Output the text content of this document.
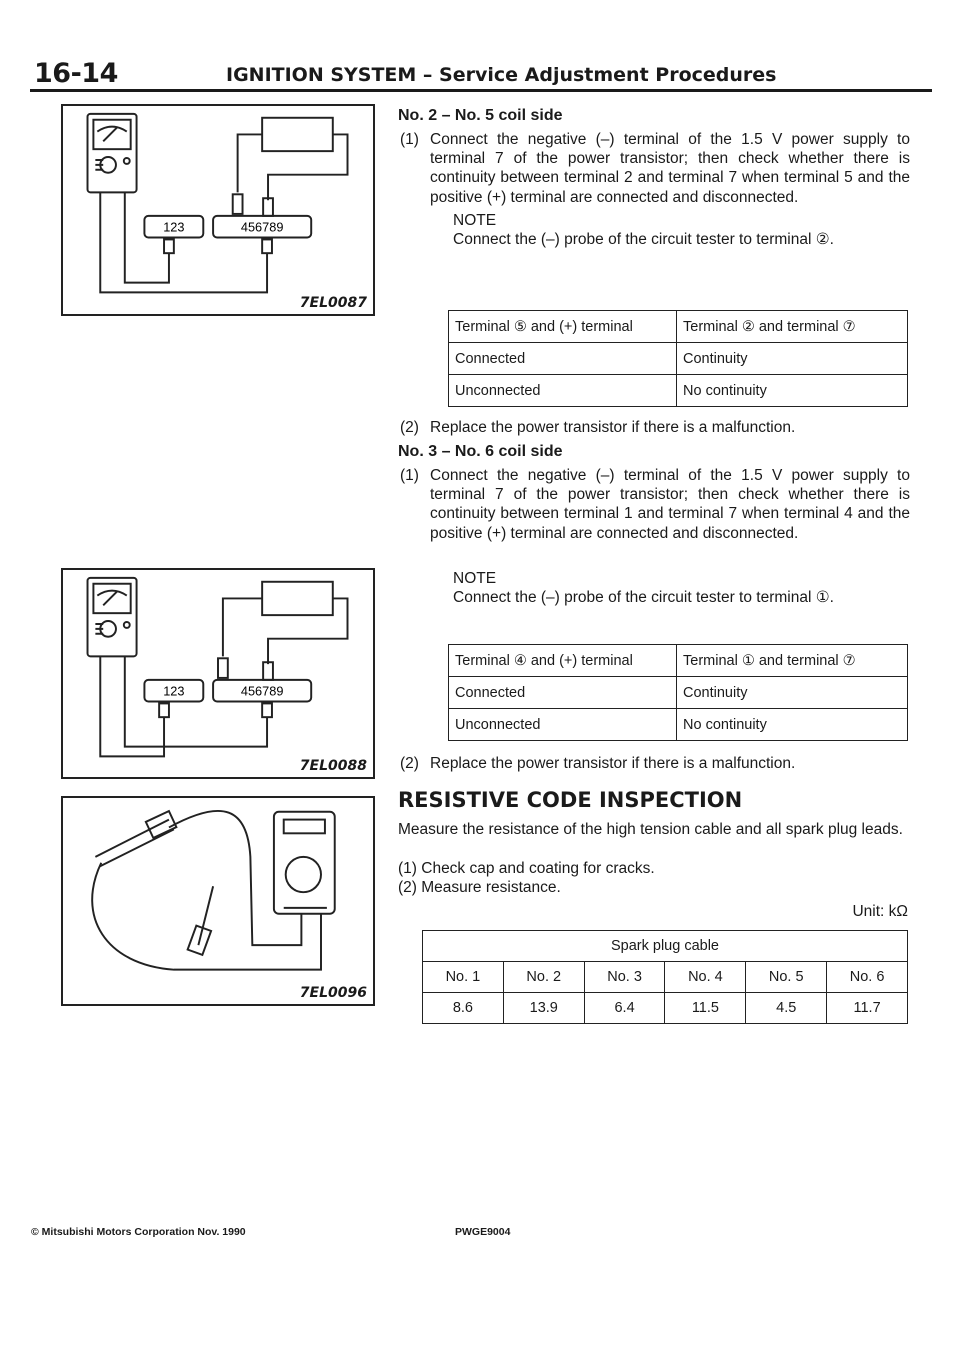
16-14	IGNITION SYSTEM – Service Adjustment Procedures
123	456789
7EL0087
123	456789
7EL0088
7EL0096
No. 2 – No. 5 coil side
(1) Connect the negative (–) terminal of the 1.5 V power supply to terminal 7 of the power transistor; then check whether there is continuity between terminal 2 and terminal 7 when terminal 5 and the positive (+) terminal are connected and disconnected.
NOTE
Connect the (–) probe of the circuit tester to terminal ②.
Terminal ⑤ and (+) terminal	Terminal ② and terminal ⑦
Connected	Continuity
Unconnected	No continuity
(2) Replace the power transistor if there is a malfunction.
No. 3 – No. 6 coil side
(1) Connect the negative (–) terminal of the 1.5 V power supply to terminal 7 of the power transistor; then check whether there is continuity between terminal 1 and terminal 7 when terminal 4 and the positive (+) terminal are connected and disconnected.
NOTE
Connect the (–) probe of the circuit tester to terminal ①.
Terminal ④ and (+) terminal	Terminal ① and terminal ⑦
Connected	Continuity
Unconnected	No continuity
(2) Replace the power transistor if there is a malfunction.
RESISTIVE CODE INSPECTION
Measure the resistance of the high tension cable and all spark plug leads.
(1) Check cap and coating for cracks.
(2) Measure resistance.
Unit: kΩ
Spark plug cable					
No. 1	No. 2	No. 3	No. 4	No. 5	No. 6
8.6	13.9	6.4	11.5	4.5	11.7
© Mitsubishi Motors Corporation Nov. 1990	PWGE9004
